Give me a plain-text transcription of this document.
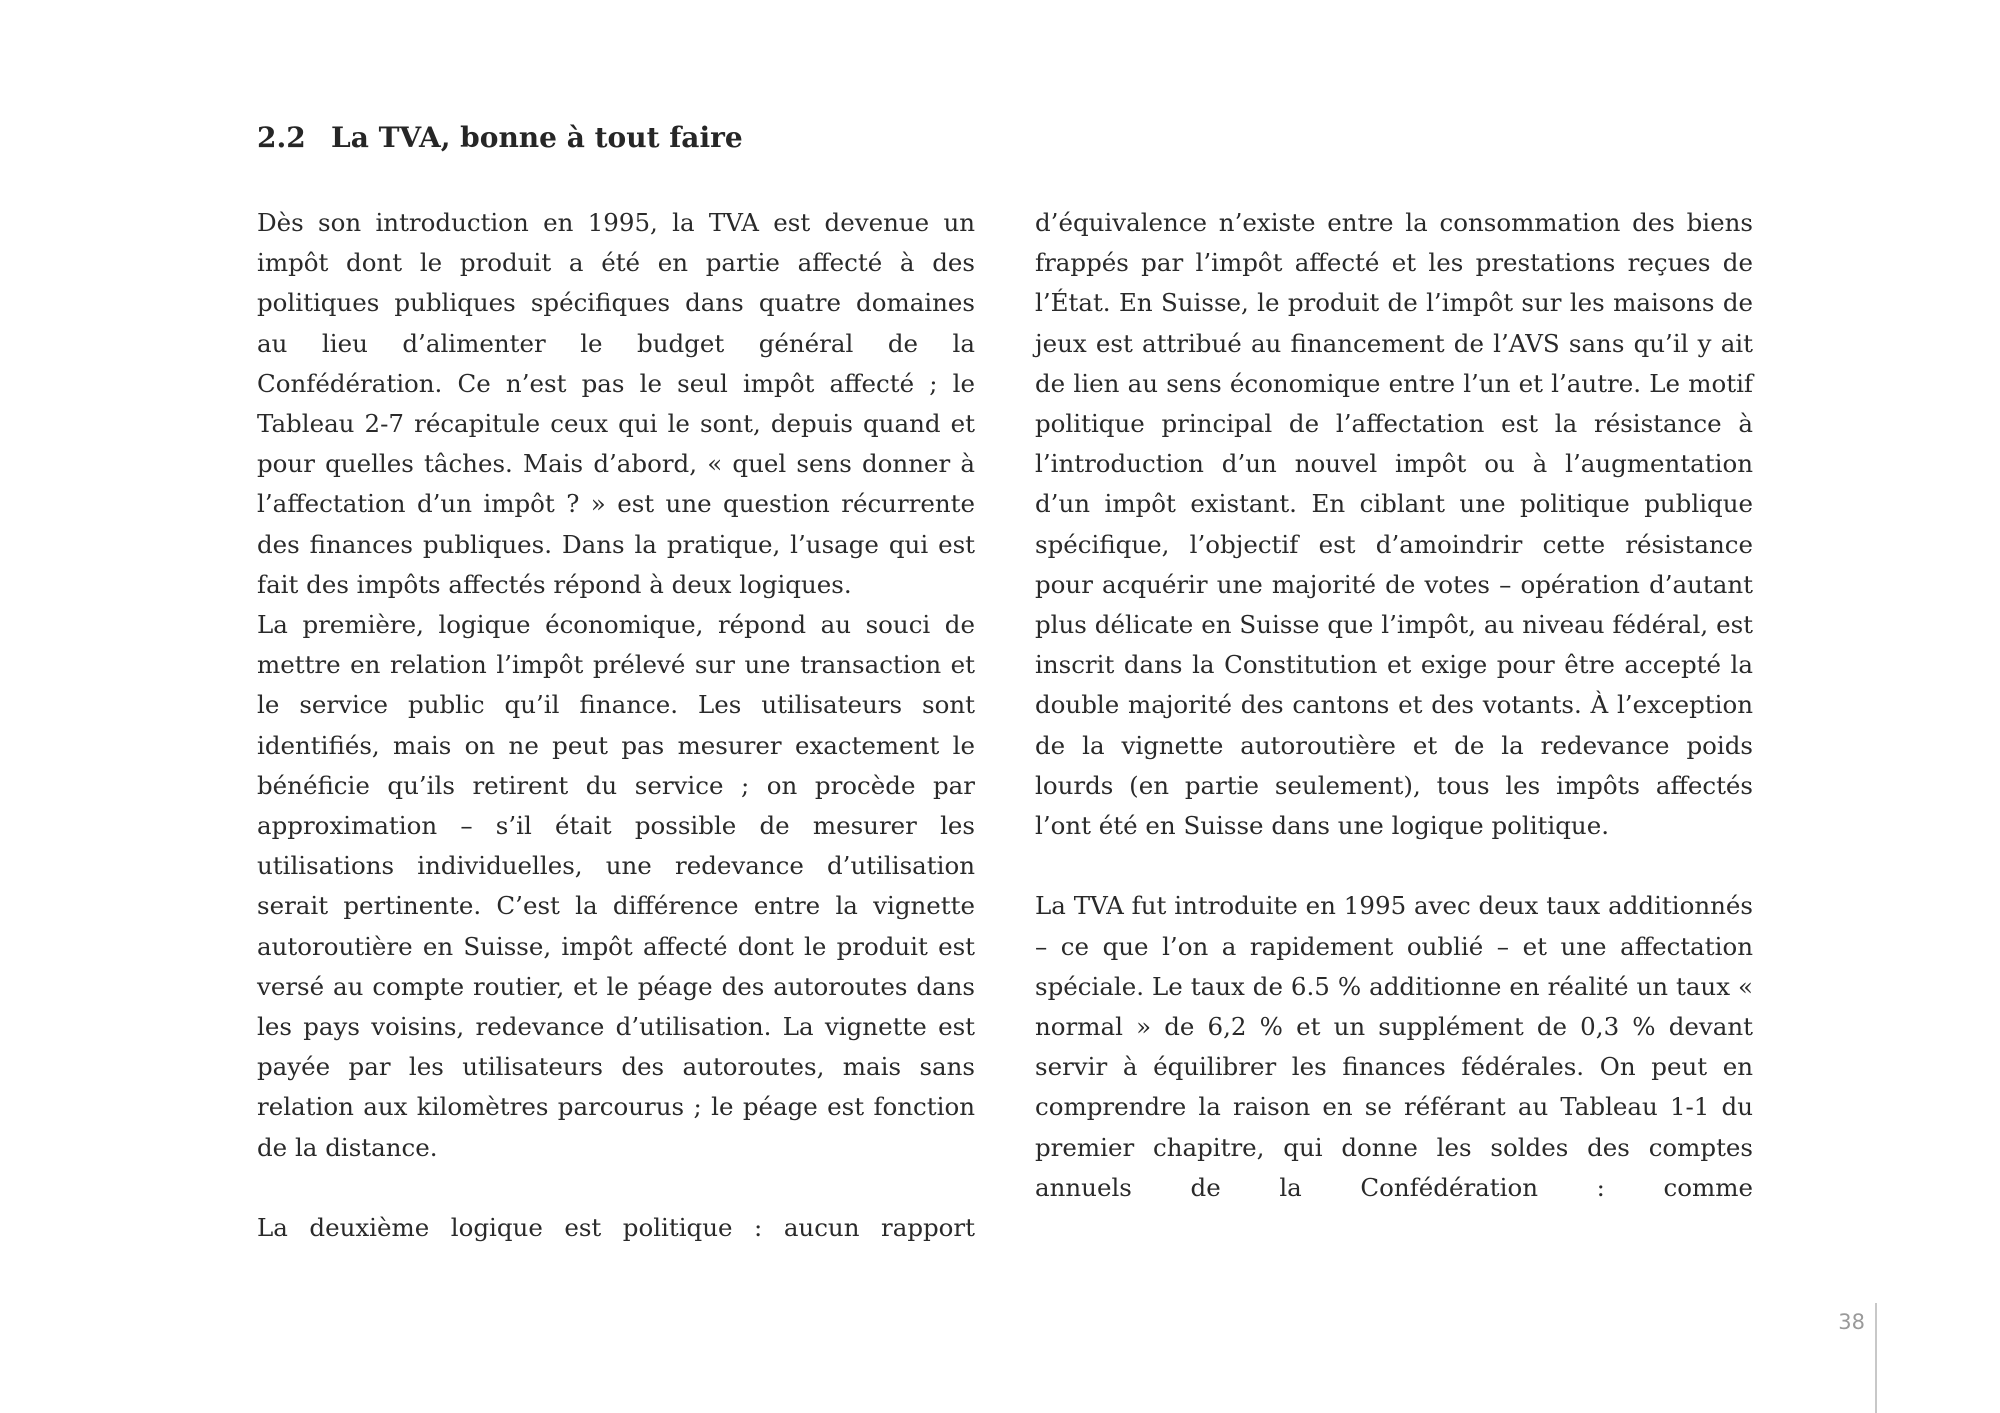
2.2 La TVA, bonne à tout faire

Dès son introduction en 1995, la TVA est devenue un impôt dont le produit a été en partie affecté à des politiques publiques spécifiques dans quatre domaines au lieu d’alimenter le budget général de la Confédération. Ce n’est pas le seul impôt affecté ; le Tableau 2-7 récapitule ceux qui le sont, depuis quand et pour quelles tâches. Mais d’abord, « quel sens donner à l’affectation d’un impôt ? » est une question récurrente des finances publiques. Dans la pratique, l’usage qui est fait des impôts affectés répond à deux logiques.

La première, logique économique, répond au souci de mettre en relation l’impôt prélevé sur une transaction et le service public qu’il finance. Les utilisateurs sont identifiés, mais on ne peut pas mesurer exactement le bénéficie qu’ils retirent du service ; on procède par approximation – s’il était possible de mesurer les utilisations individuelles, une redevance d’utilisation serait pertinente. C’est la différence entre la vignette autoroutière en Suisse, impôt affecté dont le produit est versé au compte routier, et le péage des autoroutes dans les pays voisins, redevance d’utilisation. La vignette est payée par les utilisateurs des autoroutes, mais sans relation aux kilomètres parcourus ; le péage est fonction de la distance.

La deuxième logique est politique : aucun rapport

d’équivalence n’existe entre la consommation des biens frappés par l’impôt affecté et les prestations reçues de l’État. En Suisse, le produit de l’impôt sur les maisons de jeux est attribué au financement de l’AVS sans qu’il y ait de lien au sens économique entre l’un et l’autre. Le motif politique principal de l’affectation est la résistance à l’introduction d’un nouvel impôt ou à l’augmentation d’un impôt existant. En ciblant une politique publique spécifique, l’objectif est d’amoindrir cette résistance pour acquérir une majorité de votes – opération d’autant plus délicate en Suisse que l’impôt, au niveau fédéral, est inscrit dans la Constitution et exige pour être accepté la double majorité des cantons et des votants. À l’exception de la vignette autoroutière et de la redevance poids lourds (en partie seulement), tous les impôts affectés l’ont été en Suisse dans une logique politique.

La TVA fut introduite en 1995 avec deux taux additionnés – ce que l’on a rapidement oublié – et une affectation spéciale. Le taux de 6.5 % additionne en réalité un taux « normal » de 6,2 % et un supplément de 0,3 % devant servir à équilibrer les finances fédérales. On peut en comprendre la raison en se référant au Tableau 1-1 du premier chapitre, qui donne les soldes des comptes annuels de la Confédération : comme

38
